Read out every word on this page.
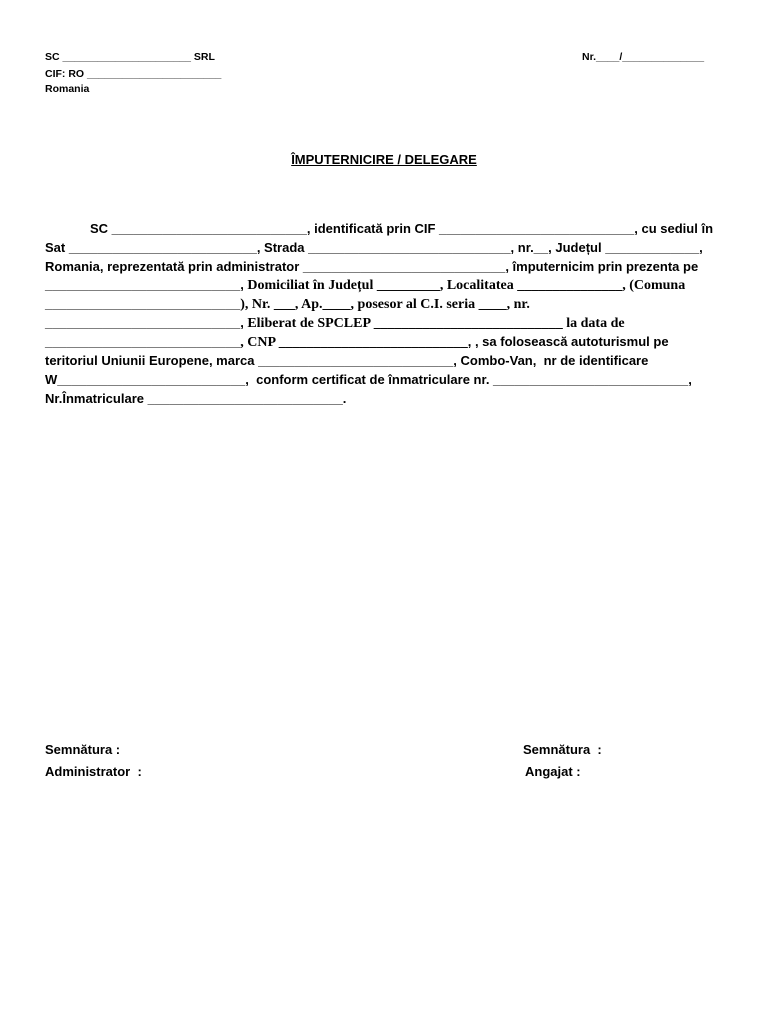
SC ______________________ SRL
CIF: RO _______________________
Romania
Nr.____/______________
ÎMPUTERNICIRE / DELEGARE
SC ___________________________, identificată prin CIF ___________________________, cu sediul în
Sat __________________________, Strada ____________________________, nr.__, Județul _____________,
Romania, reprezentată prin administrator ____________________________, împuternicim prin prezenta pe
___________________________, Domiciliat în Județul _________, Localitatea _______________, (Comuna
___________________________), Nr. ___, Ap.____, posesor al C.I. seria ____, nr.
___________________________, Eliberat de SPCLEP ___________________________ la data de
___________________________, CNP ___________________________, , sa folosească autoturismul pe
teritoriul Uniunii Europene, marca ___________________________, Combo-Van,  nr de identificare
W__________________________,  conform certificat de înmatriculare nr. ___________________________,
Nr.Înmatriculare ___________________________.
Semnătura :
Administrator  :
Semnătura  :
Angajat :
